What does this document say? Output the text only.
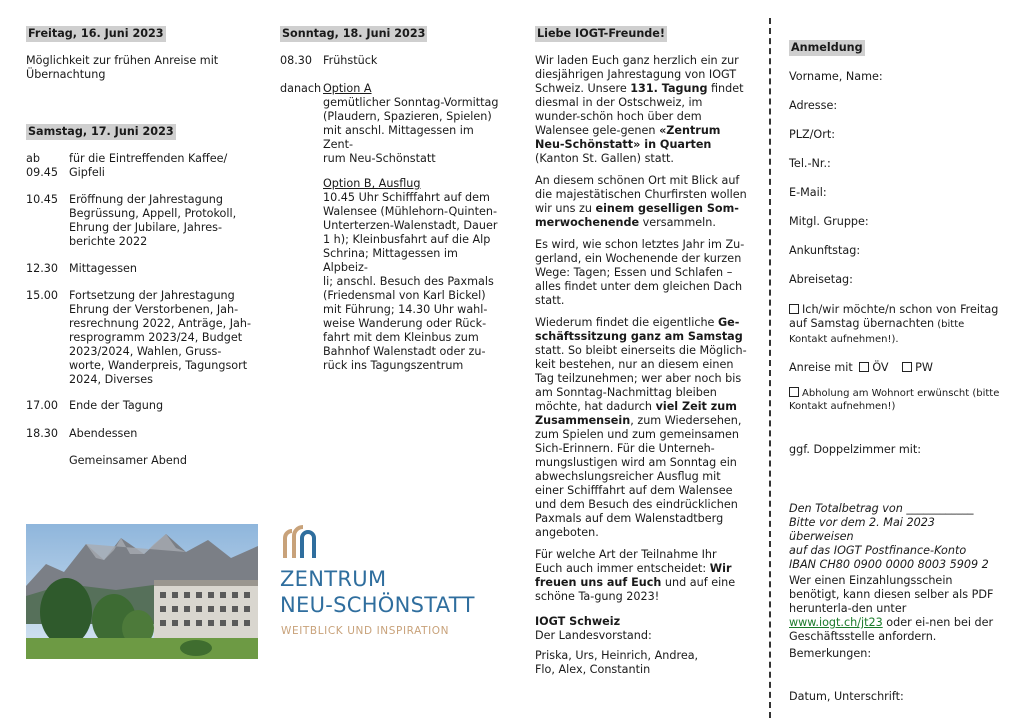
Freitag, 16. Juni 2023

Möglichkeit zur frühen Anreise mit
Übernachtung

Samstag, 17. Juni 2023
ab
09.45
für die Eintreffenden Kaffee/
Gipfeli
10.45 Eröffnung der Jahrestagung
Begrüssung, Appell, Protokoll,
Ehrung der Jubilare, Jahres-
berichte 2022
12.30 Mittagessen
15.00 Fortsetzung der Jahrestagung
Ehrung der Verstorbenen, Jah-
resrechnung 2022, Anträge, Jah-
resprogramm 2023/24, Budget
2023/2024, Wahlen, Gruss-
worte, Wanderpreis, Tagungsort
2024, Diverses
17.00 Ende der Tagung
18.30 Abendessen
Gemeinsamer Abend
ZENTRUM
NEU-SCHÖNSTATT
WEITBLICK UND INSPIRATION
Sonntag, 18. Juni 2023
08.30 Frühstück
danach Option A

gemütlicher Sonntag-Vormittag
(Plaudern, Spazieren, Spielen)
mit anschl. Mittagessen im Zent-
rum Neu-Schönstatt

Option B, Ausflug

10.45 Uhr Schifffahrt auf dem
Walensee (Mühlehorn-Quinten-
Unterterzen-Walenstadt, Dauer
1 h); Kleinbusfahrt auf die Alp
Schrina; Mittagessen im Alpbeiz-
li; anschl. Besuch des Paxmals
(Friedensmal von Karl Bickel)
mit Führung; 14.30 Uhr wahl-
weise Wanderung oder Rück-
fahrt mit dem Kleinbus zum
Bahnhof Walenstadt oder zu-
rück ins Tagungszentrum

Liebe IOGT-Freunde!

Wir laden Euch ganz herzlich ein zur diesjährigen Jahrestagung von IOGT Schweiz. Unsere 131. Tagung findet diesmal in der Ostschweiz, im wunder-schön hoch über dem Walensee gele-genen «Zentrum Neu-Schönstatt» in Quarten (Kanton St. Gallen) statt.

An diesem schönen Ort mit Blick auf die majestätischen Churfirsten wollen wir uns zu einem geselligen Som-merwochenende versammeln.

Es wird, wie schon letztes Jahr im Zu-gerland, ein Wochenende der kurzen Wege: Tagen; Essen und Schlafen – alles findet unter dem gleichen Dach statt.

Wiederum findet die eigentliche Ge-schäftssitzung ganz am Samstag statt. So bleibt einerseits die Möglich-keit bestehen, nur an diesem einen Tag teilzunehmen; wer aber noch bis am Sonntag-Nachmittag bleiben möchte, hat dadurch viel Zeit zum Zusammensein, zum Wiedersehen, zum Spielen und zum gemeinsamen Sich-Erinnern. Für die Unterneh-mungslustigen wird am Sonntag ein abwechslungsreicher Ausflug mit einer Schifffahrt auf dem Walensee und dem Besuch des eindrücklichen Paxmals auf dem Walenstadtberg angeboten.

Für welche Art der Teilnahme Ihr Euch auch immer entscheidet: Wir freuen uns auf Euch und auf eine schöne Ta-gung 2023!

IOGT Schweiz
Der Landesvorstand:

Priska, Urs, Heinrich, Andrea,
Flo, Alex, Constantin

Anmeldung
Vorname, Name:
Adresse:
PLZ/Ort:
Tel.-Nr.:
E-Mail:
Mitgl. Gruppe:
Ankunftstag:
Abreisetag:
Ich/wir möchte/n schon von Freitag auf Samstag übernachten (bitte Kontakt aufnehmen!).
Anreise mit ÖV PW
Abholung am Wohnort erwünscht (bitte Kontakt aufnehmen!)
ggf. Doppelzimmer mit:

Den Totalbetrag von ____________
Bitte vor dem 2. Mai 2023 überweisen
auf das IOGT Postfinance-Konto
IBAN CH80 0900 0000 8003 5909 2

Wer einen Einzahlungsschein benötigt, kann diesen selber als PDF herunterla-den unter www.iogt.ch/jt23 oder ei-nen bei der Geschäftsstelle anfordern.

Bemerkungen:
Datum, Unterschrift:
